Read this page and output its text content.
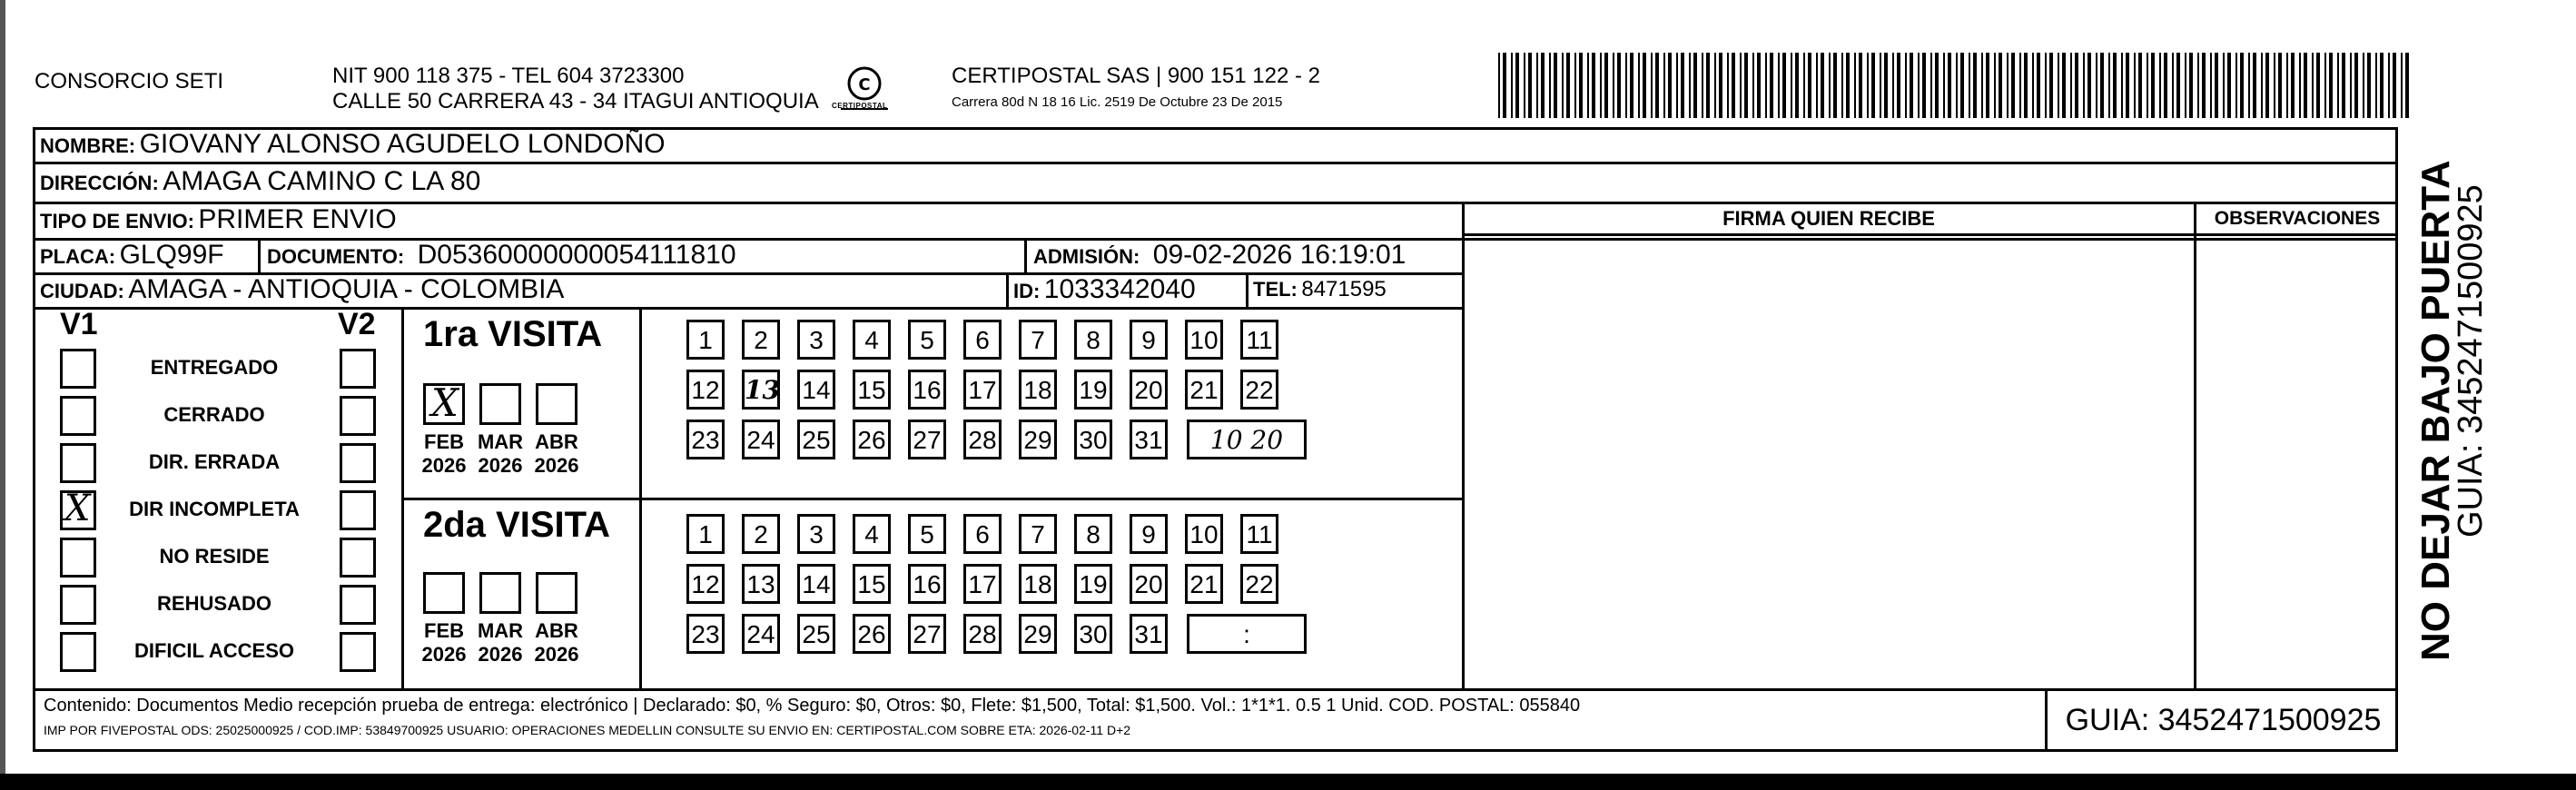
CONSORCIO SETI	NIT 900 118 375 - TEL 604 3723300
CALLE 50 CARRERA 43 - 34 ITAGUI ANTIOQUIA
C
CERTIPOSTAL
CERTIPOSTAL SAS | 900 151 122 - 2
Carrera 80d N 18 16 Lic. 2519 De Octubre 23 De 2015
NOMBRE: GIOVANY ALONSO AGUDELO LONDOÑO
DIRECCIÓN: AMAGA CAMINO C LA 80
TIPO DE ENVIO: PRIMER ENVIO	FIRMA QUIEN RECIBE	OBSERVACIONES
PLACA: GLQ99F DOCUMENTO: D05360000000054111810	ADMISIÓN: 09-02-2026 16:19:01
CIUDAD: AMAGA - ANTIOQUIA - COLOMBIA	ID: 1033342040	TEL: 8471595
V1	V2
ENTREGADO
CERRADO
DIR. ERRADA
X	DIR INCOMPLETA
NO RESIDE
REHUSADO
DIFICIL ACCESO
1ra VISITA
X
FEB
2026
MAR
2026
ABR
2026
1	2	3	4	5	6	7	8	9	10 11
12 13 14 15 16 17 18 19 20 21 22
23 24 25 26 27 28 29 30 31	10 20
2da VISITA
FEB
2026
MAR
2026
ABR
2026
1	2	3	4	5	6	7	8	9	10 11
12 13 14 15 16 17 18 19 20 21 22
23 24 25 26 27 28 29 30 31	:
Contenido: Documentos Medio recepción prueba de entrega: electrónico | Declarado: $0, % Seguro: $0, Otros: $0, Flete: $1,500, Total: $1,500. Vol.: 1*1*1. 0.5 1 Unid. COD. POSTAL: 055840
IMP POR FIVEPOSTAL ODS: 25025000925 / COD.IMP: 53849700925 USUARIO: OPERACIONES MEDELLIN CONSULTE SU ENVIO EN: CERTIPOSTAL.COM SOBRE ETA: 2026-02-11 D+2	GUIA: 3452471500925
NO DEJAR BAJO PUERTA
GUIA: 3452471500925
